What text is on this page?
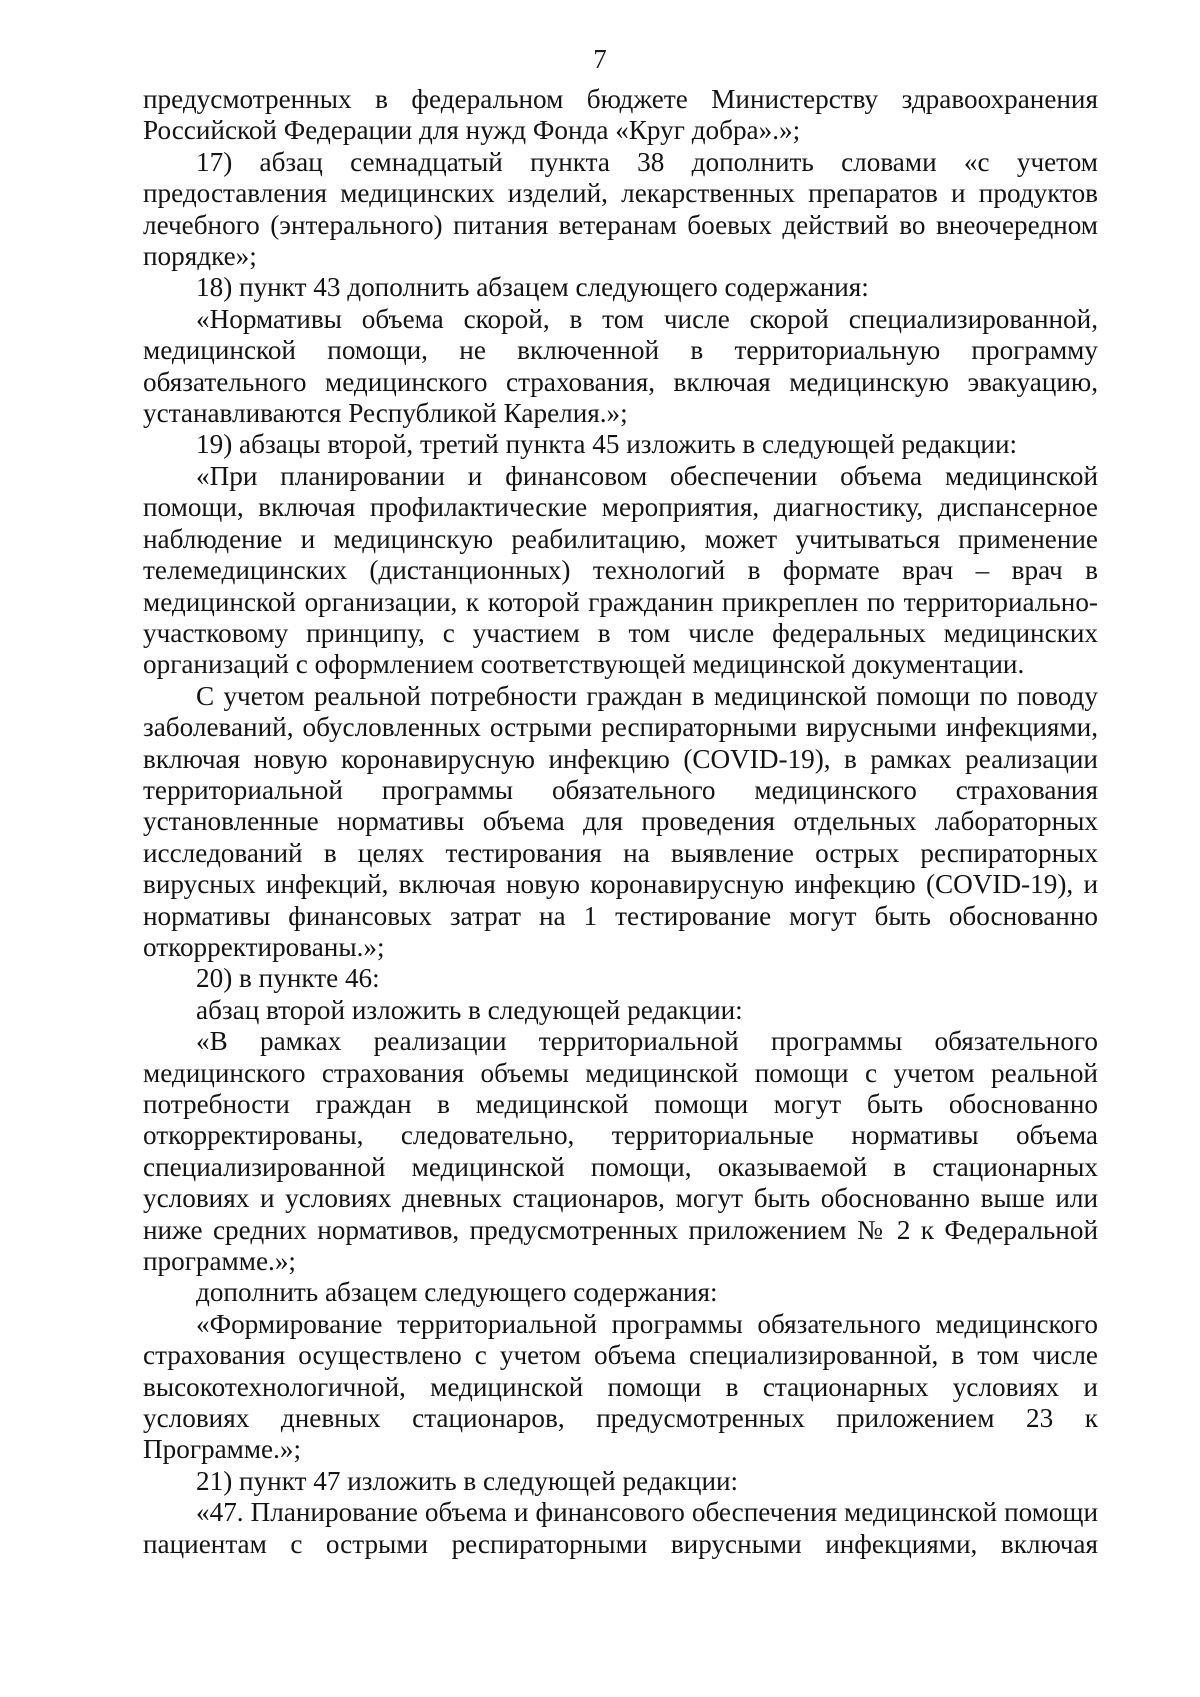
7

предусмотренных в федеральном бюджете Министерству здравоохранения Российской Федерации для нужд Фонда «Круг добра».»;

17) абзац семнадцатый пункта 38 дополнить словами «с учетом предоставления медицинских изделий, лекарственных препаратов и продуктов лечебного (энтерального) питания ветеранам боевых действий во внеочередном порядке»;

18) пункт 43 дополнить абзацем следующего содержания:

«Нормативы объема скорой, в том числе скорой специализированной, медицинской помощи, не включенной в территориальную программу обязательного медицинского страхования, включая медицинскую эвакуацию, устанавливаются Республикой Карелия.»;

19) абзацы второй, третий пункта 45 изложить в следующей редакции:

«При планировании и финансовом обеспечении объема медицинской помощи, включая профилактические мероприятия, диагностику, диспансерное наблюдение и медицинскую реабилитацию, может учитываться применение телемедицинских (дистанционных) технологий в формате врач – врач в медицинской организации, к которой гражданин прикреплен по территориально-участковому принципу, с участием в том числе федеральных медицинских организаций с оформлением соответствующей медицинской документации.

С учетом реальной потребности граждан в медицинской помощи по поводу заболеваний, обусловленных острыми респираторными вирусными инфекциями, включая новую коронавирусную инфекцию (COVID-19), в рамках реализации территориальной программы обязательного медицинского страхования установленные нормативы объема для проведения отдельных лабораторных исследований в целях тестирования на выявление острых респираторных вирусных инфекций, включая новую коронавирусную инфекцию (COVID-19), и нормативы финансовых затрат на 1 тестирование могут быть обоснованно откорректированы.»;

20) в пункте 46:

абзац второй изложить в следующей редакции:

«В рамках реализации территориальной программы обязательного медицинского страхования объемы медицинской помощи с учетом реальной потребности граждан в медицинской помощи могут быть обоснованно откорректированы, следовательно, территориальные нормативы объема специализированной медицинской помощи, оказываемой в стационарных условиях и условиях дневных стационаров, могут быть обоснованно выше или ниже средних нормативов, предусмотренных приложением № 2 к Федеральной программе.»;

дополнить абзацем следующего содержания:

«Формирование территориальной программы обязательного медицинского страхования осуществлено с учетом объема специализированной, в том числе высокотехнологичной, медицинской помощи в стационарных условиях и условиях дневных стационаров, предусмотренных приложением 23 к Программе.»;

21) пункт 47 изложить в следующей редакции:

«47. Планирование объема и финансового обеспечения медицинской помощи пациентам с острыми респираторными вирусными инфекциями, включая
